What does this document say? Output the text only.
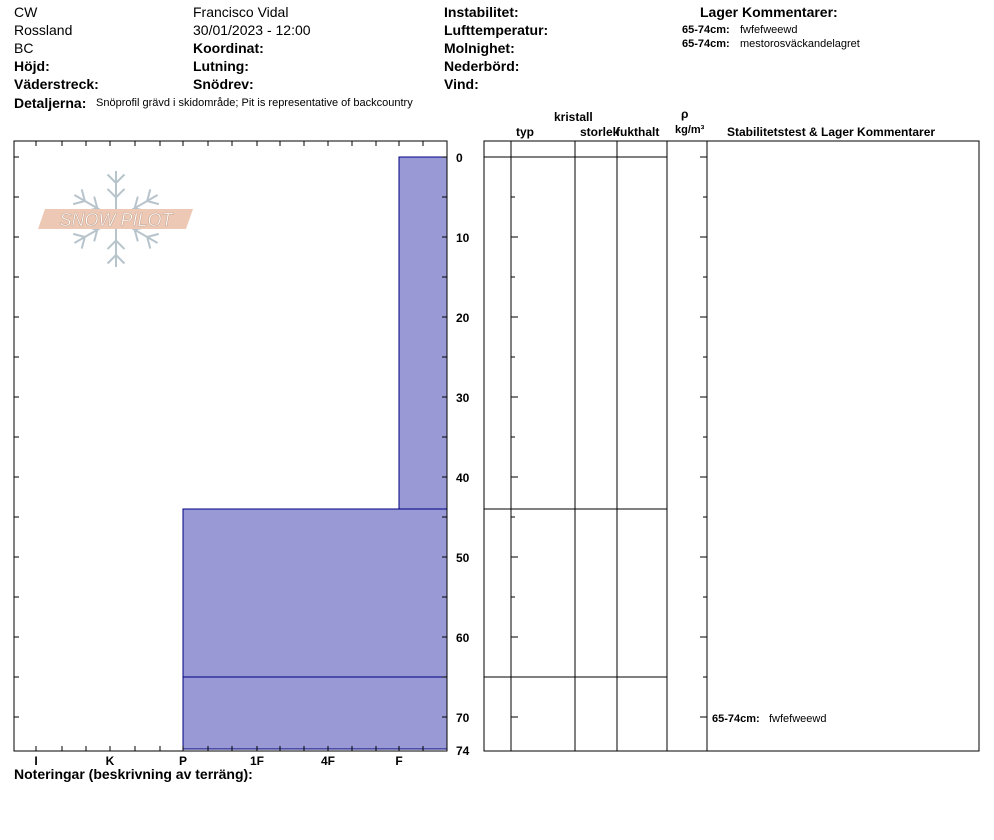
CW
Rossland
BC
Höjd:
Väderstreck:
Francisco Vidal
30/01/2023 - 12:00
Koordinat:
Lutning:
Snödrev:
Instabilitet:
Lufttemperatur:
Molnighet:
Nederbörd:
Vind:
Lager Kommentarer:
65-74cm: fwfefweewd
65-74cm: mestorosväckandelagret
Detaljerna: Snöprofil grävd i skidområde; Pit is representative of backcountry
kristall
typ	storlek
fukthalt
ρ
kg/m³ Stabilitetstest & Lager Kommentarer
65-74cm: fwfefweewd
Noteringar (beskrivning av terräng):
SNOW PILOT
I	K	P	1F	4F	F
0
10
20
30
40
50
60
70
74
